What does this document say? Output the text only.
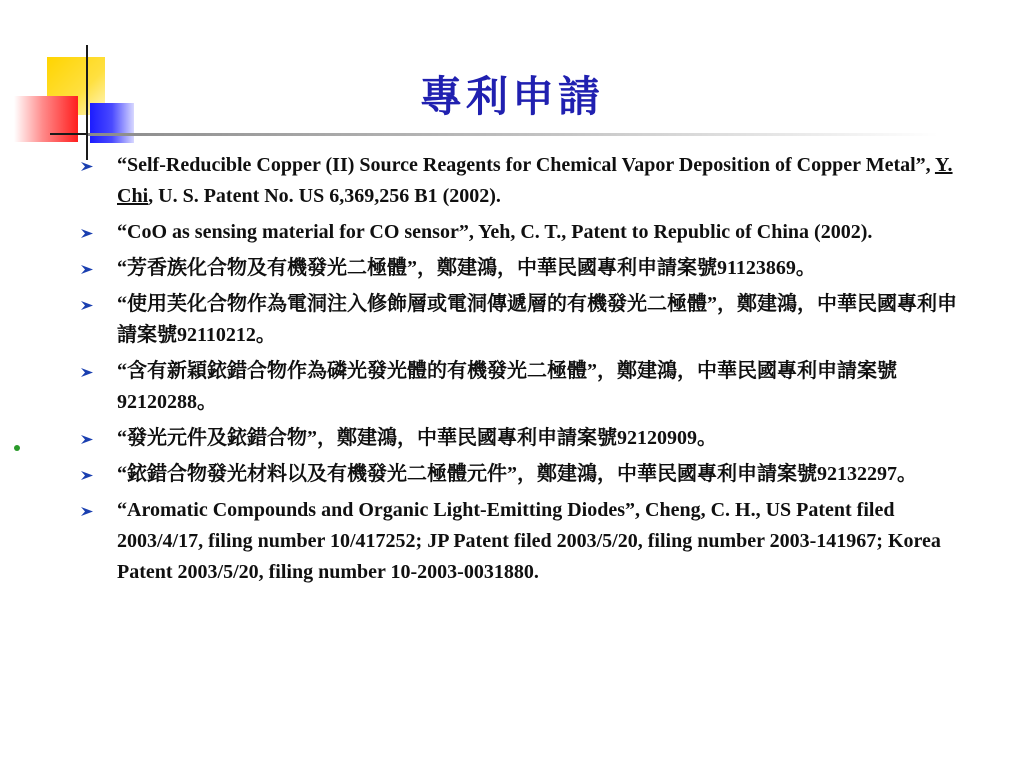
專利申請
“Self-Reducible Copper (II) Source Reagents for Chemical Vapor Deposition of Copper Metal”, Y. Chi, U. S. Patent No. US 6,369,256 B1 (2002).
“CoO as sensing material for CO sensor”, Yeh, C. T., Patent to Republic of China (2002).
“芳香族化合物及有機發光二極體”，鄭建鴻，中華民國專利申請案號91123869。
“使用芙化合物作為電洞注入修飾層或電洞傳遞層的有機發光二極體”，鄭建鴻，中華民國專利申請案號92110212。
“含有新穎銥錯合物作為磷光發光體的有機發光二極體”，鄭建鴻，中華民國專利申請案號92120288。
“發光元件及銥錯合物”，鄭建鴻，中華民國專利申請案號92120909。
“銥錯合物發光材料以及有機發光二極體元件”，鄭建鴻，中華民國專利申請案號92132297。
“Aromatic Compounds and Organic Light-Emitting Diodes”, Cheng, C. H., US Patent filed 2003/4/17, filing number 10/417252; JP Patent filed 2003/5/20, filing number 2003-141967; Korea Patent 2003/5/20, filing number 10-2003-0031880.
